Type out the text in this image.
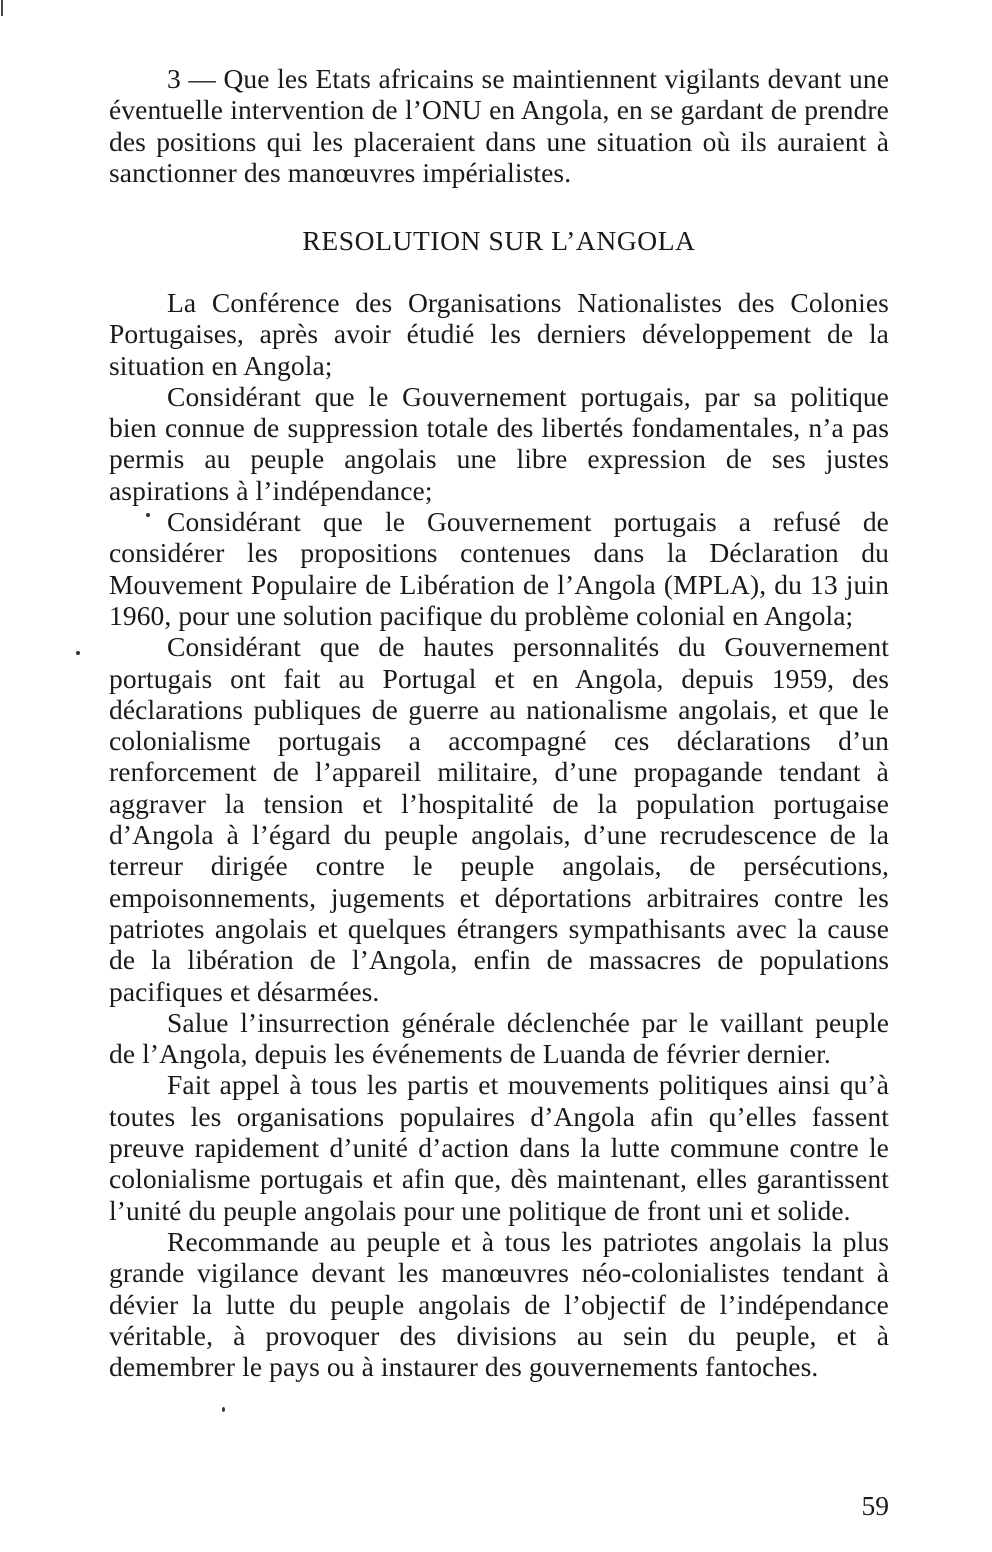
3 — Que les Etats africains se maintiennent vigilants devant une éventuelle intervention de l’ONU en Angola, en se gardant de prendre des positions qui les placeraient dans une situation où ils auraient à sanctionner des manœuvres impérialistes.

RESOLUTION SUR L’ANGOLA

La Conférence des Organisations Nationalistes des Colonies Portugaises, après avoir étudié les derniers développement de la situation en Angola;

Considérant que le Gouvernement portugais, par sa politique bien connue de suppression totale des libertés fondamentales, n’a pas permis au peuple angolais une libre expression de ses justes aspirations à l’indépendance;

Considérant que le Gouvernement portugais a refusé de considérer les propositions contenues dans la Déclaration du Mouvement Populaire de Libération de l’Angola (MPLA), du 13 juin 1960, pour une solution pacifique du problème colonial en Angola;

Considérant que de hautes personnalités du Gouvernement portugais ont fait au Portugal et en Angola, depuis 1959, des déclarations publiques de guerre au nationalisme angolais, et que le colonialisme portugais a accompagné ces déclarations d’un renforcement de l’appareil militaire, d’une propagande tendant à aggraver la tension et l’hospitalité de la population portugaise d’Angola à l’égard du peuple angolais, d’une recrudescence de la terreur dirigée contre le peuple angolais, de persécutions, empoisonnements, jugements et déportations arbitraires contre les patriotes angolais et quelques étrangers sympathisants avec la cause de la libération de l’Angola, enfin de massacres de populations pacifiques et désarmées.

Salue l’insurrection générale déclenchée par le vaillant peuple de l’Angola, depuis les événements de Luanda de février dernier.

Fait appel à tous les partis et mouvements politiques ainsi qu’à toutes les organisations populaires d’Angola afin qu’elles fassent preuve rapidement d’unité d’action dans la lutte commune contre le colonialisme portugais et afin que, dès maintenant, elles garantissent l’unité du peuple angolais pour une politique de front uni et solide.

Recommande au peuple et à tous les patriotes angolais la plus grande vigilance devant les manœuvres néo-colonialistes tendant à dévier la lutte du peuple angolais de l’objectif de l’indépendance véritable, à provoquer des divisions au sein du peuple, et à demembrer le pays ou à instaurer des gouvernements fantoches.

59
